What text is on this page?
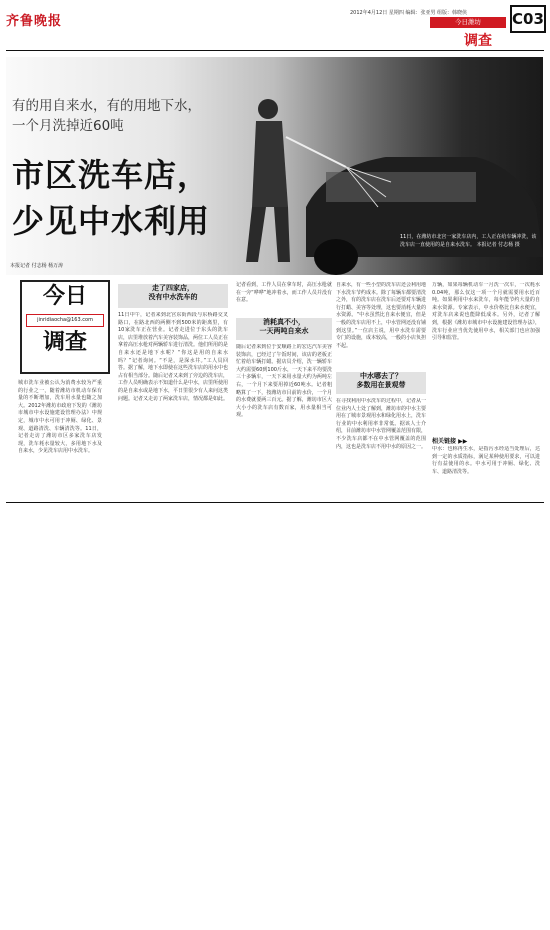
齐鲁晚报
2012年4月12日 星期四 编辑：张亚男 组版：韩晓侠
今日潍坊
调查
C03
有的用自来水，有的用地下水，
一个月洗掉近60吨
市区洗车店，
少见中水利用	11日，在潍坊市北宫一家洗车店内，工人正在给车辆冲洗，该洗车店一直使用的是自来水洗车。 本报记者 付志杨 摄
本报记者 付志杨 杨万涛
今日
jinridiaocha@163.com
调查
城市洗车业被公认为消费水较为严重的行业之一，随着潍坊市机动车保有量的不断增加，洗车用水量也随之加大。2012年潍坊市政府下发的《潍坊市城市中水设施建设管理办法》中规定，城市中水可用于冲厕、绿化、景观、道路清洗、车辆清洗等。11日，记者走访了潍坊市区多家洗车店发现，洗车耗水量较大，多用地下水及自来水，少见洗车店用中水洗车。
走了四家店，
没有中水洗车的
11日中午，记者来到北宫东街西段与东桥路交叉路口，在路北西的两侧不到500米的距离里，有10家洗车正在营业。记者走进位于东头的洗车店，店里堆放着汽车美容装饰品，两位工人员正在拿着高压水枪对两辆轿车进行清洗。他们所用的是自来水还是地下水呢？“你这是用的自来水吗？”记者询问。“不是，是深水井。”工人员回答。据了解，地下水即使在这些洗车店的用水中也占有相当部分。随后记者又来到了旁边的洗车店，工作人员明确表示不知道什么是中水，店里所使用的是自来水或是地下水，平日里很少有人来问这类问题。记者又走访了两家洗车店，情况都是如此。
记者看到，工作人员在拿车时，高压水枪就在一旁“哗哗”地冲着水，而工作人员并没有在意。
消耗真不小，
一天两吨自来水
随后记者来到位于安顺路上的宏达汽车美容装饰店，已经过了午饭时间，该店的老板正忙着给车辆打蜡。据店员介绍，洗一辆轿车大约需要60到100斤水，一天下来平均要洗三十多辆车，一天下来用水量大约为两吨左右，一个月下来要用掉近60吨水。记者粗略算了一下，按潍坊市目前的水价，一个月的水费就要两三百元。据了解，潍坊市区大大小小的洗车店有数百家，用水量相当可观。
自来水，有一些小型的洗车店还会利用地下水洗车节约成本。除了每辆车都要清洗之外，有的洗车店在洗车后还要对车辆进行打蜡、美容等处理，这也要消耗大量的水资源。“中水虽然比自来水便宜，但是一般的洗车店用不上，中水管网还没有铺到这里。”一位店主说，用中水洗车需要专门的设施，成本较高，一般的小店负担不起。
中水哪去了？
多数用在景观带
在寻找利用中水洗车的过程中，记者从一位业内人士处了解到，潍坊市的中水主要用在了城市景观用水和绿化用水上，洗车行业的中水利用率非常低。据该人士介绍，目前潍坊市中水管网覆盖范围有限，不少洗车店都不在中水管网覆盖的范围内，这也是洗车店不用中水的原因之一。
万辆，如果每辆机动车一月洗一次车，一次耗水0.04吨，那么仅这一项一个月就需要用水近百吨。如果利用中水来洗车，每年能节约大量的自来水资源。专家表示，中水价格比自来水便宜，对洗车店来说也能降低成本。另外，记者了解到，根据《潍坊市城市中水设施建设管理办法》，洗车行业应当优先使用中水，相关部门也应加强引导和监管。
相关链接 ▶▶
中水：也称再生水，是指污水经适当处理后，达到一定的水质指标，满足某种使用要求，可以进行有益使用的水。中水可用于冲厕、绿化、洗车、道路清洗等。
